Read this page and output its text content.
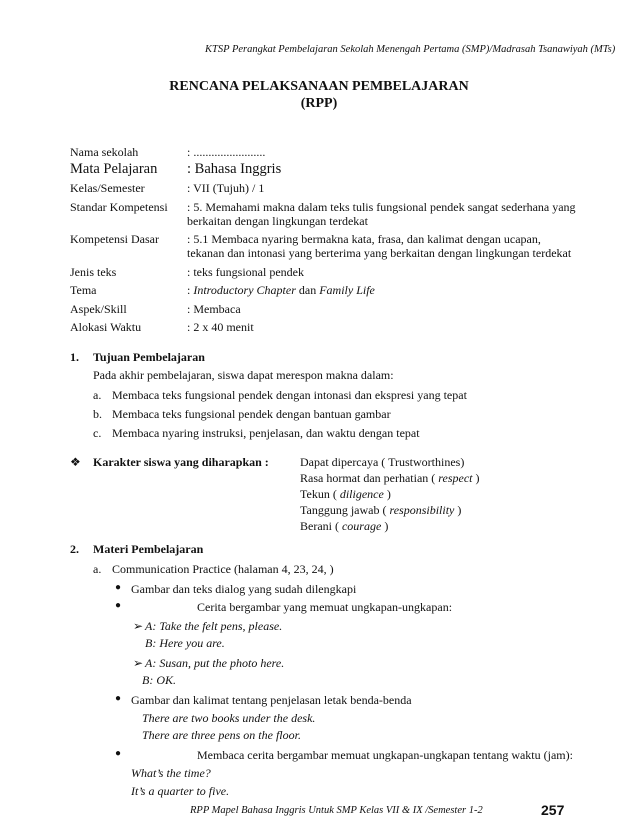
KTSP Perangkat Pembelajaran Sekolah Menengah Pertama (SMP)/Madrasah Tsanawiyah (MTs)
RENCANA PELAKSANAAN PEMBELAJARAN
(RPP)
Nama sekolah	: ........................
Mata Pelajaran : Bahasa Inggris
Kelas/Semester	: VII (Tujuh) / 1
Standar Kompetensi : 5. Memahami makna dalam teks tulis fungsional pendek sangat sederhana yang
berkaitan dengan lingkungan terdekat
Kompetensi Dasar : 5.1 Membaca nyaring bermakna kata, frasa, dan kalimat dengan ucapan,
tekanan dan intonasi yang berterima yang berkaitan dengan lingkungan terdekat
Jenis teks	: teks fungsional pendek
Tema	: Introductory Chapter dan Family Life
Aspek/Skill	: Membaca
Alokasi Waktu	: 2 x 40 menit
1. Tujuan Pembelajaran
Pada akhir pembelajaran, siswa dapat merespon makna dalam:
a. Membaca teks fungsional pendek dengan intonasi dan ekspresi yang tepat
b. Membaca teks fungsional pendek dengan bantuan gambar
c. Membaca nyaring instruksi, penjelasan, dan waktu dengan tepat
❖ Karakter siswa yang diharapkan :	Dapat dipercaya ( Trustworthines)
Rasa hormat dan perhatian ( respect )
Tekun ( diligence )
Tanggung jawab ( responsibility )
Berani ( courage )
2. Materi Pembelajaran
a. Communication Practice (halaman 4, 23, 24, )
● Gambar dan teks dialog yang sudah dilengkapi
●	Cerita bergambar yang memuat ungkapan-ungkapan:
➢ A: Take the felt pens, please.
B: Here you are.
➢ A: Susan, put the photo here.
B: OK.
● Gambar dan kalimat tentang penjelasan letak benda-benda
There are two books under the desk.
There are three pens on the floor.
●	Membaca cerita bergambar memuat ungkapan-ungkapan tentang waktu (jam):
What’s the time?
It’s a quarter to five.
RPP Mapel Bahasa Inggris Untuk SMP Kelas VII & IX /Semester 1-2	257
